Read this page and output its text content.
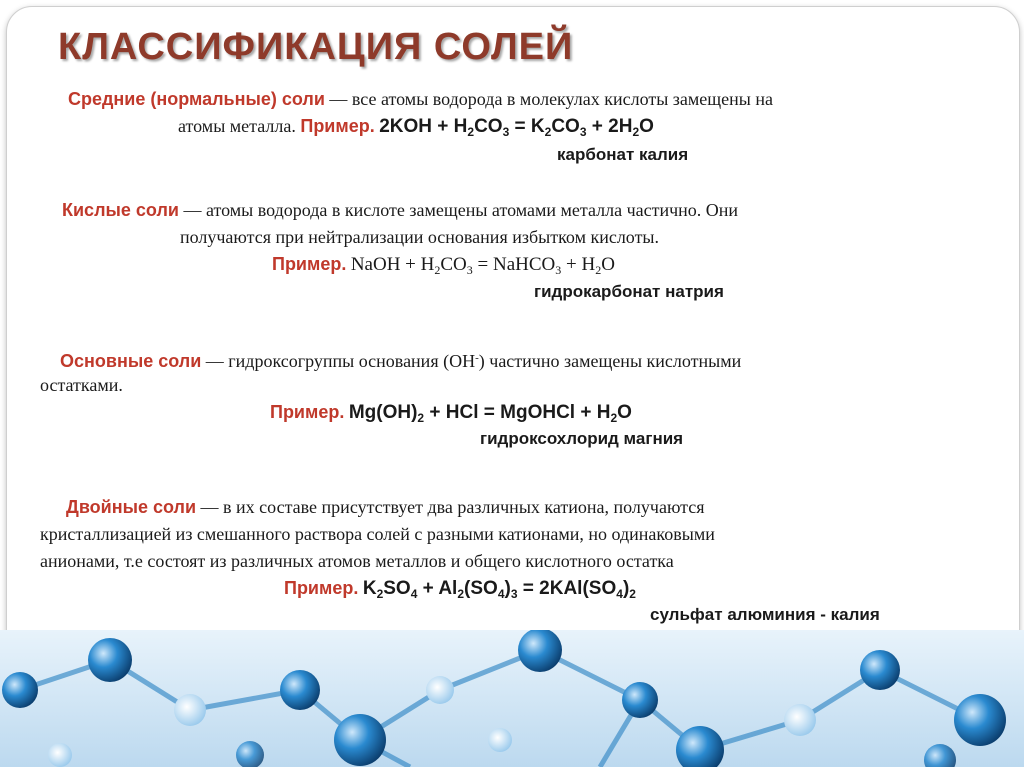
КЛАССИФИКАЦИЯ СОЛЕЙ
Средние (нормальные) соли — все атомы водорода в молекулах кислоты замещены на
атомы металла. Пример. $2KOH + H_2CO_3 = K_2CO_3 + 2H_2O$
карбонат калия
Кислые соли — атомы водорода в кислоте замещены атомами металла частично. Они
получаются при нейтрализации основания избытком кислоты.
Пример. NaOH + $H_2CO_3$ = NaHCO$_3$ + $H_2O$
гидрокарбонат натрия
Основные соли — гидроксогруппы основания (OH-) частично замещены кислотными
остатками.
Пример. $Mg(OH)_2$ + HCl = MgOHCl + $H_2O$
гидроксохлорид магния
Двойные соли — в их составе присутствует два различных катиона, получаются
кристаллизацией из смешанного раствора солей с разными катионами, но одинаковыми
анионами, т.е состоят из различных атомов металлов и общего кислотного остатка
Пример. $K_2SO_4 + Al_2(SO_4)_3 = 2KAl(SO_4)_2$
сульфат алюминия - калия
